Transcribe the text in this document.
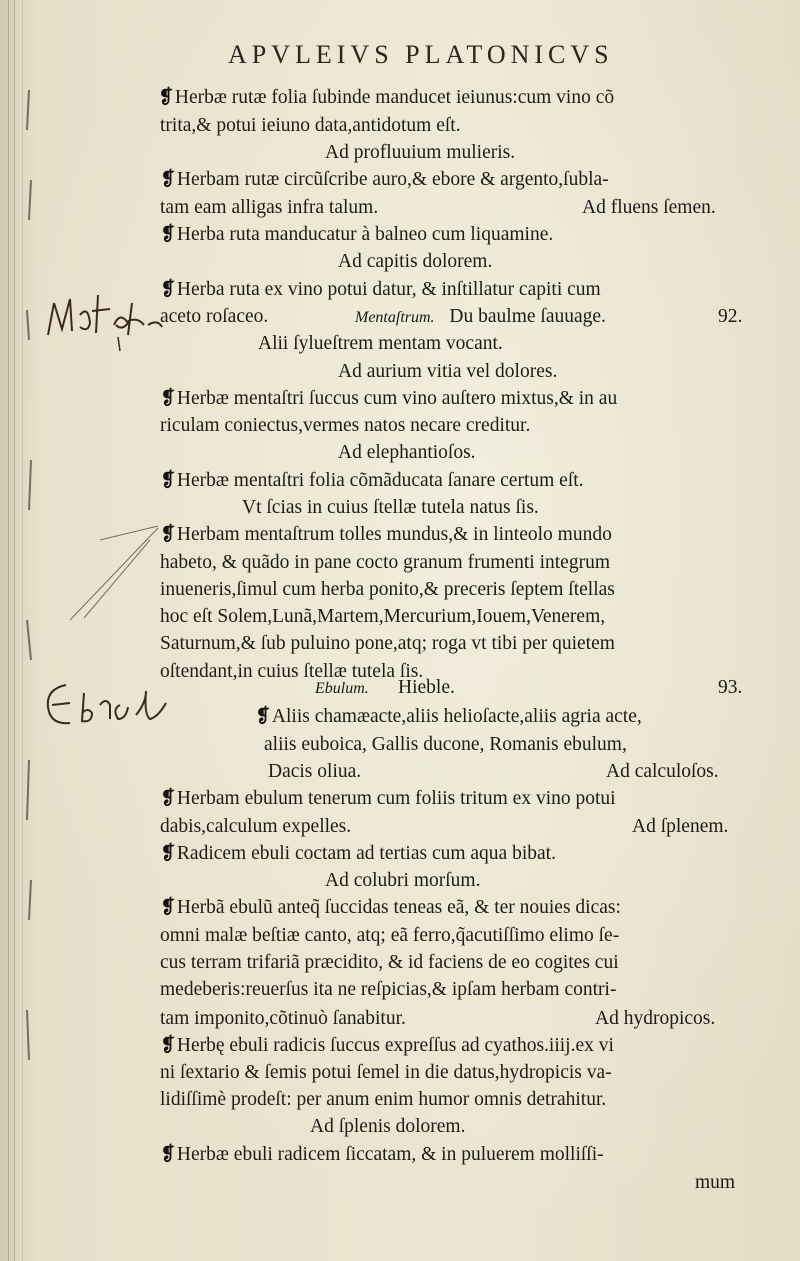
APVLEIVS PLATONICVS
❡Herbæ rutæ folia ſubinde manducet ieiunus:cum vino cõ
trita,& potui ieiuno data,antidotum eſt.
Ad profluuium mulieris.
❡Herbam rutæ circũſcribe auro,& ebore & argento,ſubla-
tam eam alligas infra talum.
❡Herba ruta manducatur à balneo cum liquamine.
Ad capitis dolorem.
❡Herba ruta ex vino potui datur, & inſtillatur capiti cum
aceto roſaceo.
Alii ſylueſtrem mentam vocant.
Ad aurium vitia vel dolores.
❡Herbæ mentaſtri ſuccus cum vino auſtero mixtus,& in au
riculam coniectus,vermes natos necare creditur.
Ad elephantioſos.
❡Herbæ mentaſtri folia cõmãducata ſanare certum eſt.
Vt ſcias in cuius ſtellæ tutela natus ſis.
❡Herbam mentaſtrum tolles mundus,& in linteolo mundo
habeto, & quãdo in pane cocto granum frumenti integrum
inueneris,ſimul cum herba ponito,& preceris ſeptem ſtellas
hoc eſt Solem,Lunã,Martem,Mercurium,Iouem,Venerem,
Saturnum,& ſub puluino pone,atq; roga vt tibi per quietem
oſtendant,in cuius ſtellæ tutela ſis.
Hieble.
❡Aliis chamæacte,aliis helioſacte,aliis agria acte,
aliis euboica, Gallis ducone, Romanis ebulum,
Dacis oliua.
❡Herbam ebulum tenerum cum foliis tritum ex vino potui
dabis,calculum expelles.
❡Radicem ebuli coctam ad tertias cum aqua bibat.
Ad colubri morſum.
❡Herbã ebulũ anteq̃ ſuccidas teneas eã, & ter nouies dicas:
omni malæ beſtiæ canto, atq; eã ferro,q̃acutiſſimo elimo ſe-
cus terram trifariã præcidito, & id faciens de eo cogites cui
medeberis:reuerſus ita ne reſpicias,& ipſam herbam contri-
tam imponito,cõtinuò ſanabitur.
❡Herbę ebuli radicis ſuccus expreſſus ad cyathos.iiij.ex vi
ni ſextario & ſemis potui ſemel in die datus,hydropicis va-
lidiſſimè prodeſt: per anum enim humor omnis detrahitur.
Ad ſplenis dolorem.
❡Herbæ ebuli radicem ſiccatam, & in puluerem molliſſi-
mum
Ad fluens ſemen.
Mentaſtrum. Du baulme ſauuage.	92.
Ebulum.	93.
Ad calculoſos.
Ad ſplenem.
Ad hydropicos.
